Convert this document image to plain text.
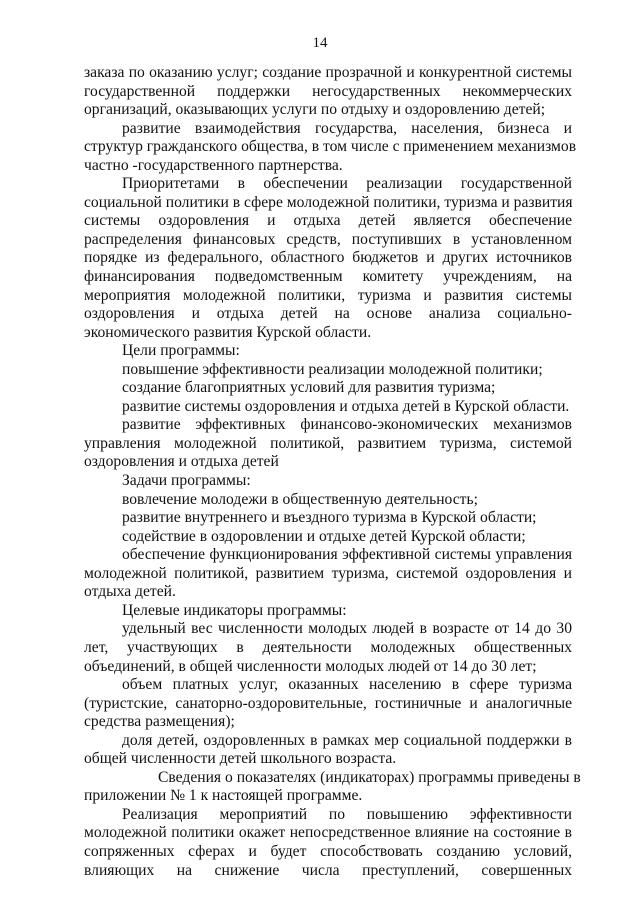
14
заказа по оказанию услуг; создание прозрачной и конкурентной системы
государственной поддержки негосударственных некоммерческих
организаций, оказывающих услуги по отдыху и оздоровлению детей;
развитие взаимодействия государства, населения, бизнеса и
структур гражданского общества, в том числе с применением механизмов
частно -государственного партнерства.
Приоритетами в обеспечении реализации государственной
социальной политики в сфере молодежной политики, туризма и развития
системы оздоровления и отдыха детей является обеспечение
распределения финансовых средств, поступивших в установленном
порядке из федерального, областного бюджетов и других источников
финансирования подведомственным комитету учреждениям, на
мероприятия молодежной политики, туризма и развития системы
оздоровления и отдыха детей на основе анализа социально-
экономического развития Курской области.
Цели программы:
повышение эффективности реализации молодежной политики;
создание благоприятных условий для развития туризма;
развитие системы оздоровления и отдыха детей в Курской области.
развитие эффективных финансово-экономических механизмов
управления молодежной политикой, развитием туризма, системой
оздоровления и отдыха детей
Задачи программы:
вовлечение молодежи в общественную деятельность;
развитие внутреннего и въездного туризма в Курской области;
содействие в оздоровлении и отдыхе детей Курской области;
обеспечение функционирования эффективной системы управления
молодежной политикой, развитием туризма, системой оздоровления и
отдыха детей.
Целевые индикаторы программы:
удельный вес численности молодых людей в возрасте от 14 до 30
лет, участвующих в деятельности молодежных общественных
объединений, в общей численности молодых людей от 14 до 30 лет;
объем платных услуг, оказанных населению в сфере туризма
(туристские, санаторно-оздоровительные, гостиничные и аналогичные
средства размещения);
доля детей, оздоровленных в рамках мер социальной поддержки в
общей численности детей школьного возраста.
Сведения о показателях (индикаторах) программы приведены в
приложении № 1 к настоящей программе.
Реализация мероприятий по повышению эффективности
молодежной политики окажет непосредственное влияние на состояние в
сопряженных сферах и будет способствовать созданию условий,
влияющих на снижение числа преступлений, совершенных
